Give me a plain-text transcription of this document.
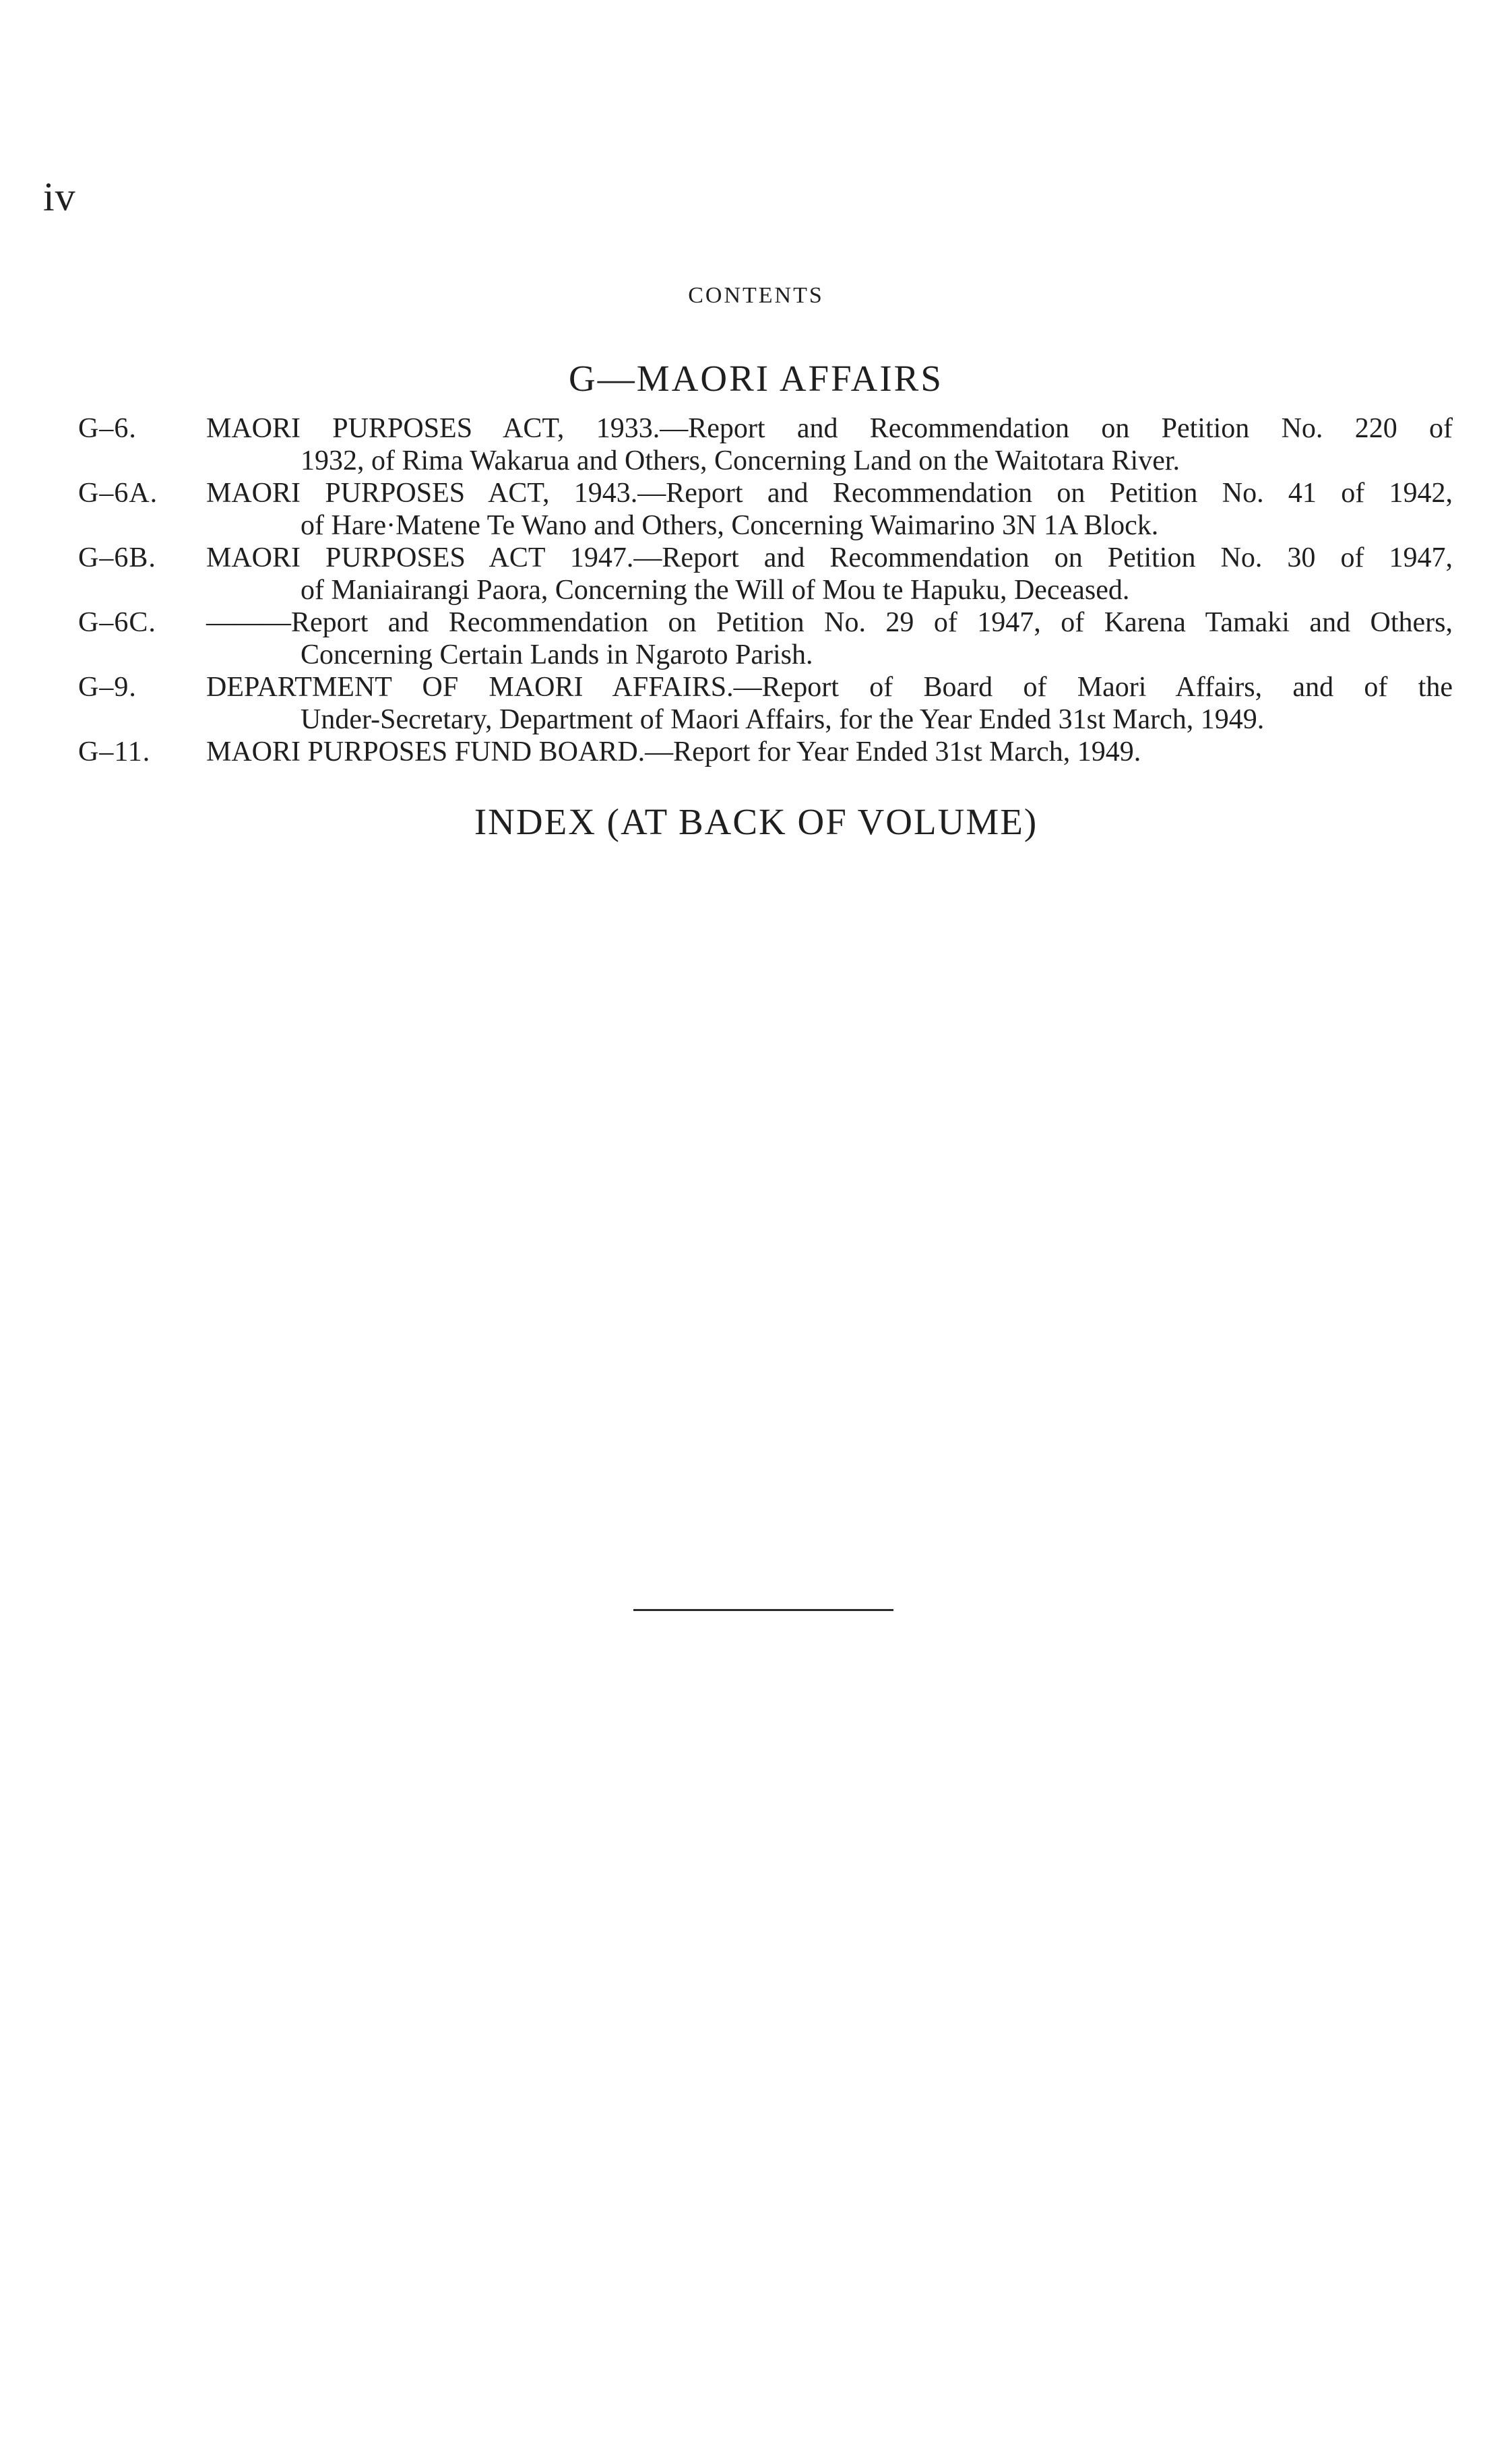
iv
CONTENTS
G—MAORI AFFAIRS
G–6.	MAORI PURPOSES ACT, 1933.—Report and Recommendation on Petition No. 220 of
1932, of Rima Wakarua and Others, Concerning Land on the Waitotara River.
G–6A.	MAORI PURPOSES ACT, 1943.—Report and Recommendation on Petition No. 41 of 1942,
of Hare·Matene Te Wano and Others, Concerning Waimarino 3N 1A Block.
G–6B.	MAORI PURPOSES ACT 1947.—Report and Recommendation on Petition No. 30 of 1947,
of Maniairangi Paora, Concerning the Will of Mou te Hapuku, Deceased.
G–6C.	———Report and Recommendation on Petition No. 29 of 1947, of Karena Tamaki and Others,
Concerning Certain Lands in Ngaroto Parish.
G–9.	DEPARTMENT OF MAORI AFFAIRS.—Report of Board of Maori Affairs, and of the
Under-Secretary, Department of Maori Affairs, for the Year Ended 31st March, 1949.
G–11.	MAORI PURPOSES FUND BOARD.—Report for Year Ended 31st March, 1949.
INDEX (AT BACK OF VOLUME)
